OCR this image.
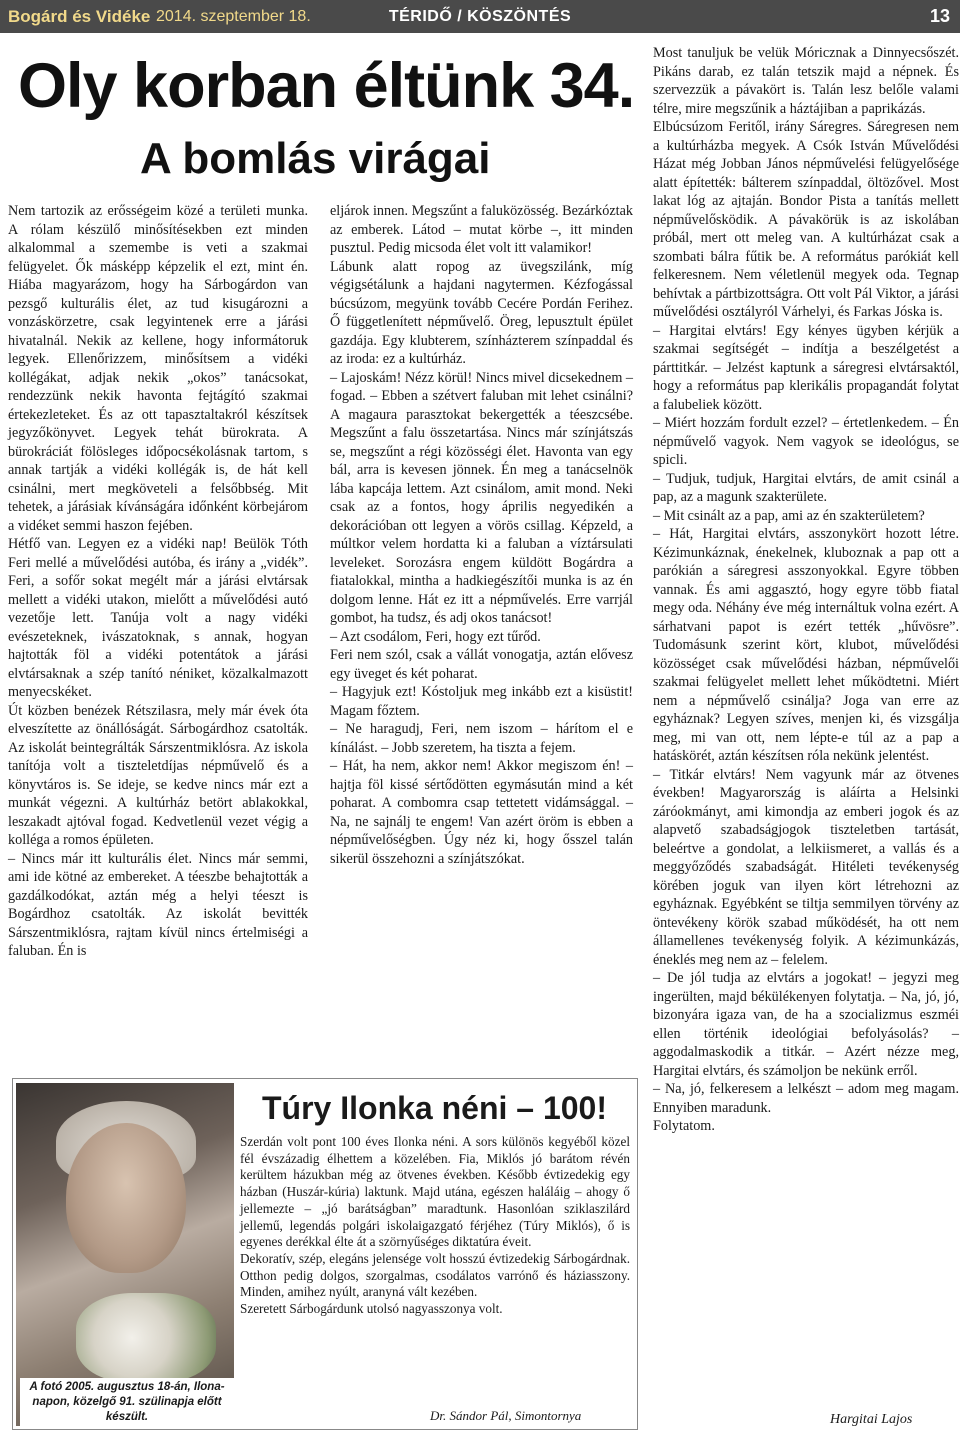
Bogárd és Vidéke 2014. szeptember 18.	TÉRIDŐ / KÖSZÖNTÉS	13
Oly korban éltünk 34.
A bomlás virágai

Nem tartozik az erősségeim közé a területi munka. A rólam készülő minősítésekben ezt minden alkalommal a szemembe is veti a szakmai felügyelet. Ők másképp képzelik el ezt, mint én. Hiába magyarázom, hogy ha Sárbogárdon van pezsgő kulturális élet, az tud kisugározni a vonzáskörzetre, csak legyintenek erre a járási hivatalnál. Nekik az kellene, hogy informátoruk legyek. Ellenőrizzem, minősítsem a vidéki kollégákat, adjak nekik „okos” tanácsokat, rendezzünk nekik havonta fejtágító szakmai értekezleteket. És az ott tapasztaltakról készítsek jegyzőkönyvet. Legyek tehát bürokrata. A bürokráciát fölösleges időpocsékolásnak tartom, s annak tartják a vidéki kollégák is, de hát kell csinálni, mert megköveteli a felsőbbség. Mit tehetek, a járásiak kívánságára időnként körbejárom a vidéket semmi haszon fejében.

Hétfő van. Legyen ez a vidéki nap! Beülök Tóth Feri mellé a művelődési autóba, és irány a „vidék”. Feri, a sofőr sokat megélt már a járási elvtársak mellett a vidéki utakon, mielőtt a művelődési autó vezetője lett. Tanúja volt a nagy vidéki evészeteknek, ivászatoknak, s annak, hogyan hajtották föl a vidéki potentátok a járási elvtársaknak a szép tanító néniket, közalkalmazott menyecskéket.

Út közben benézek Rétszilasra, mely már évek óta elveszítette az önállóságát. Sárbogárdhoz csatolták. Az iskolát beintegrálták Sárszentmiklósra. Az iskola tanítója volt a tiszteletdíjas népművelő és a könyvtáros is. Se ideje, se kedve nincs már ezt a munkát végezni. A kultúrház betört ablakokkal, leszakadt ajtóval fogad. Kedvetlenül vezet végig a kollégа a romos épületen.

– Nincs már itt kulturális élet. Nincs már semmi, ami ide kötné az embereket. A téeszbe behajtották a gazdálkodókat, aztán még a helyi téeszt is Bogárdhoz csatolták. Az iskolát bevitték Sárszentmiklósra, rajtam kívül nincs értelmiségi a faluban. Én is

eljárok innen. Megszűnt a faluközösség. Bezárkóztak az emberek. Látod – mutat körbe –, itt minden pusztul. Pedig micsoda élet volt itt valamikor!

Lábunk alatt ropog az üvegszilánk, míg végigsétálunk a hajdani nagytermen. Kézfogással búcsúzom, megyünk tovább Cecére Pordán Ferihez. Ő függetlenített népművelő. Öreg, lepusztult épület gazdája. Egy klubterem, színházterem színpaddal és az iroda: ez a kultúrház.

– Lajoskám! Nézz körül! Nincs mivel dicsekednem – fogad. – Ebben a szétvert faluban mit lehet csinálni? A magaura parasztokat bekergették a téeszcsébe. Megszűnt a falu összetartása. Nincs már színjátszás se, megszűnt a régi közösségi élet. Havonta van egy bál, arra is kevesen jönnek. Én meg a tanácselnök lába kapcája lettem. Azt csinálom, amit mond. Neki csak az a fontos, hogy április negyedikén a dekorációban ott legyen a vörös csillag. Képzeld, a múltkor velem hordatta ki a faluban a víztársulati leveleket. Sorozásra engem küldött Bogárdra a fiatalokkal, mintha a hadkiegészítői munka is az én dolgom lenne. Hát ez itt a népművelés. Erre varrjál gombot, ha tudsz, és adj okos tanácsot!

– Azt csodálom, Feri, hogy ezt tűrőd.

Feri nem szól, csak a vállát vonogatja, aztán elővesz egy üveget és két poharat.

– Hagyjuk ezt! Kóstoljuk meg inkább ezt a kisüstit! Magam főztem.

– Ne haragudj, Feri, nem iszom – hárítom el e kínálást. – Jobb szeretem, ha tiszta a fejem.

– Hát, ha nem, akkor nem! Akkor megiszom én! – hajtja föl kissé sértődötten egymásután mind a két poharat. A combomra csap tettetett vidámsággal. – Na, ne sajnálj te engem! Van azért öröm is ebben a népművelőségben. Úgy néz ki, hogy ősszel talán sikerül összehozni a színjátszókat.

Most tanuljuk be velük Móricznak a Dinnyecsőszét. Pikáns darab, ez talán tetszik majd a népnek. És szervezzük a pávakört is. Talán lesz belőle valami télre, mire megszűnik a háztájiban a paprikázás.

Elbúcsúzom Feritől, irány Sáregres. Sáregresen nem a kultúrházba megyek. A Csók István Művelődési Házat még Jobban János népművelési felügyelősége alatt építették: bálterem színpaddal, öltözővel. Most lakat lóg az ajtaján. Bondor Pista a tanítás mellett népművelősködik. A pávakörük is az iskolában próbál, mert ott meleg van. A kultúrházat csak a szombati bálra fűtik be. A református parókiát kell felkeresnem. Nem véletlenül megyek oda. Tegnap behívtak a pártbizottságra. Ott volt Pál Viktor, a járási művelődési osztályról Várhelyi, és Farkas Jóska is.

– Hargitai elvtárs! Egy kényes ügyben kérjük a szakmai segítségét – indítja a beszélgetést a párttitkár. – Jelzést kaptunk a sáregresi elvtársaktól, hogy a református pap klerikális propagandát folytat a falubeliek között.

– Miért hozzám fordult ezzel? – értetlenkedem. – Én népművelő vagyok. Nem vagyok se ideológus, se spicli.

– Tudjuk, tudjuk, Hargitai elvtárs, de amit csinál a pap, az a magunk szakterülete.

– Mit csinált az a pap, ami az én szakterületem?

– Hát, Hargitai elvtárs, asszonykört hozott létre. Kézimunkáznak, énekelnek, kluboznak a pap ott a parókián a sáregresi asszonyokkal. Egyre többen vannak. És ami aggasztó, hogy egyre több fiatal megy oda. Néhány éve még internáltuk volna ezért. A sárhatvani papot is ezért tették „hűvösre”. Tudomásunk szerint kört, klubot, művelődési közösséget csak művelődési házban, népművelői szakmai felügyelet mellett lehet működtetni. Miért nem a népművelő csinálja? Joga van erre az egyháznak? Legyen szíves, menjen ki, és vizsgálja meg, mi van ott, nem lépte-e túl az a pap a hatáskörét, aztán készítsen róla nekünk jelentést.

– Titkár elvtárs! Nem vagyunk már az ötvenes években! Magyarország is aláírta a Helsinki záróokmányt, ami kimondja az emberi jogok és az alapvető szabadságjogok tiszteletben tartását, beleértve a gondolat, a lelkiismeret, a vallás és a meggyőződés szabadságát. Hitéleti tevékenység körében joguk van ilyen kört létrehozni az egyháznak. Egyébként se tiltja semmilyen törvény az öntevékeny körök szabad működését, ha ott nem államellenes tevékenység folyik. A kézimunkázás, éneklés meg nem az – felelem.

– De jól tudja az elvtárs a jogokat! – jegyzi meg ingerülten, majd békülékenyen folytatja. – Na, jó, jó, bizonyára igaza van, de ha a szocializmus eszméi ellen történik ideológiai befolyásolás? – aggodalmaskodik a titkár. – Azért nézze meg, Hargitai elvtárs, és számoljon be nekünk erről.

– Na, jó, felkeresem a lelkészt – adom meg magam. Ennyiben maradunk.

Folytatom.

Hargitai Lajos
A fotó 2005. augusztus 18-án, Ilona-napon, közelgő 91. szülinapja előtt készült.
Túry Ilonka néni – 100!

Szerdán volt pont 100 éves Ilonka néni. A sors különös kegyéből közel fél évszázadig élhettem a közelében. Fia, Miklós jó barátom révén kerültem házukban még az ötvenes években. Később évtizedekig egy házban (Huszár-kúria) laktunk. Majd utána, egészen haláláig – ahogy ő jellemezte – „jó barátságban” maradtunk. Hasonlóan sziklaszilárd jellemű, legendás polgári iskolaigazgató férjéhez (Túry Miklós), ő is egyenes derékkal élte át a szörnyűséges diktatúra éveit.

Dekoratív, szép, elegáns jelenségе volt hosszú évtizedekig Sárbogárdnak. Otthon pedig dolgos, szorgalmas, csodálatos varrónő és háziasszony. Minden, amihez nyúlt, aranyná vált kezében.

Szeretett Sárbogárdunk utolsó nagyasszonya volt.

Dr. Sándor Pál, Simontornya
